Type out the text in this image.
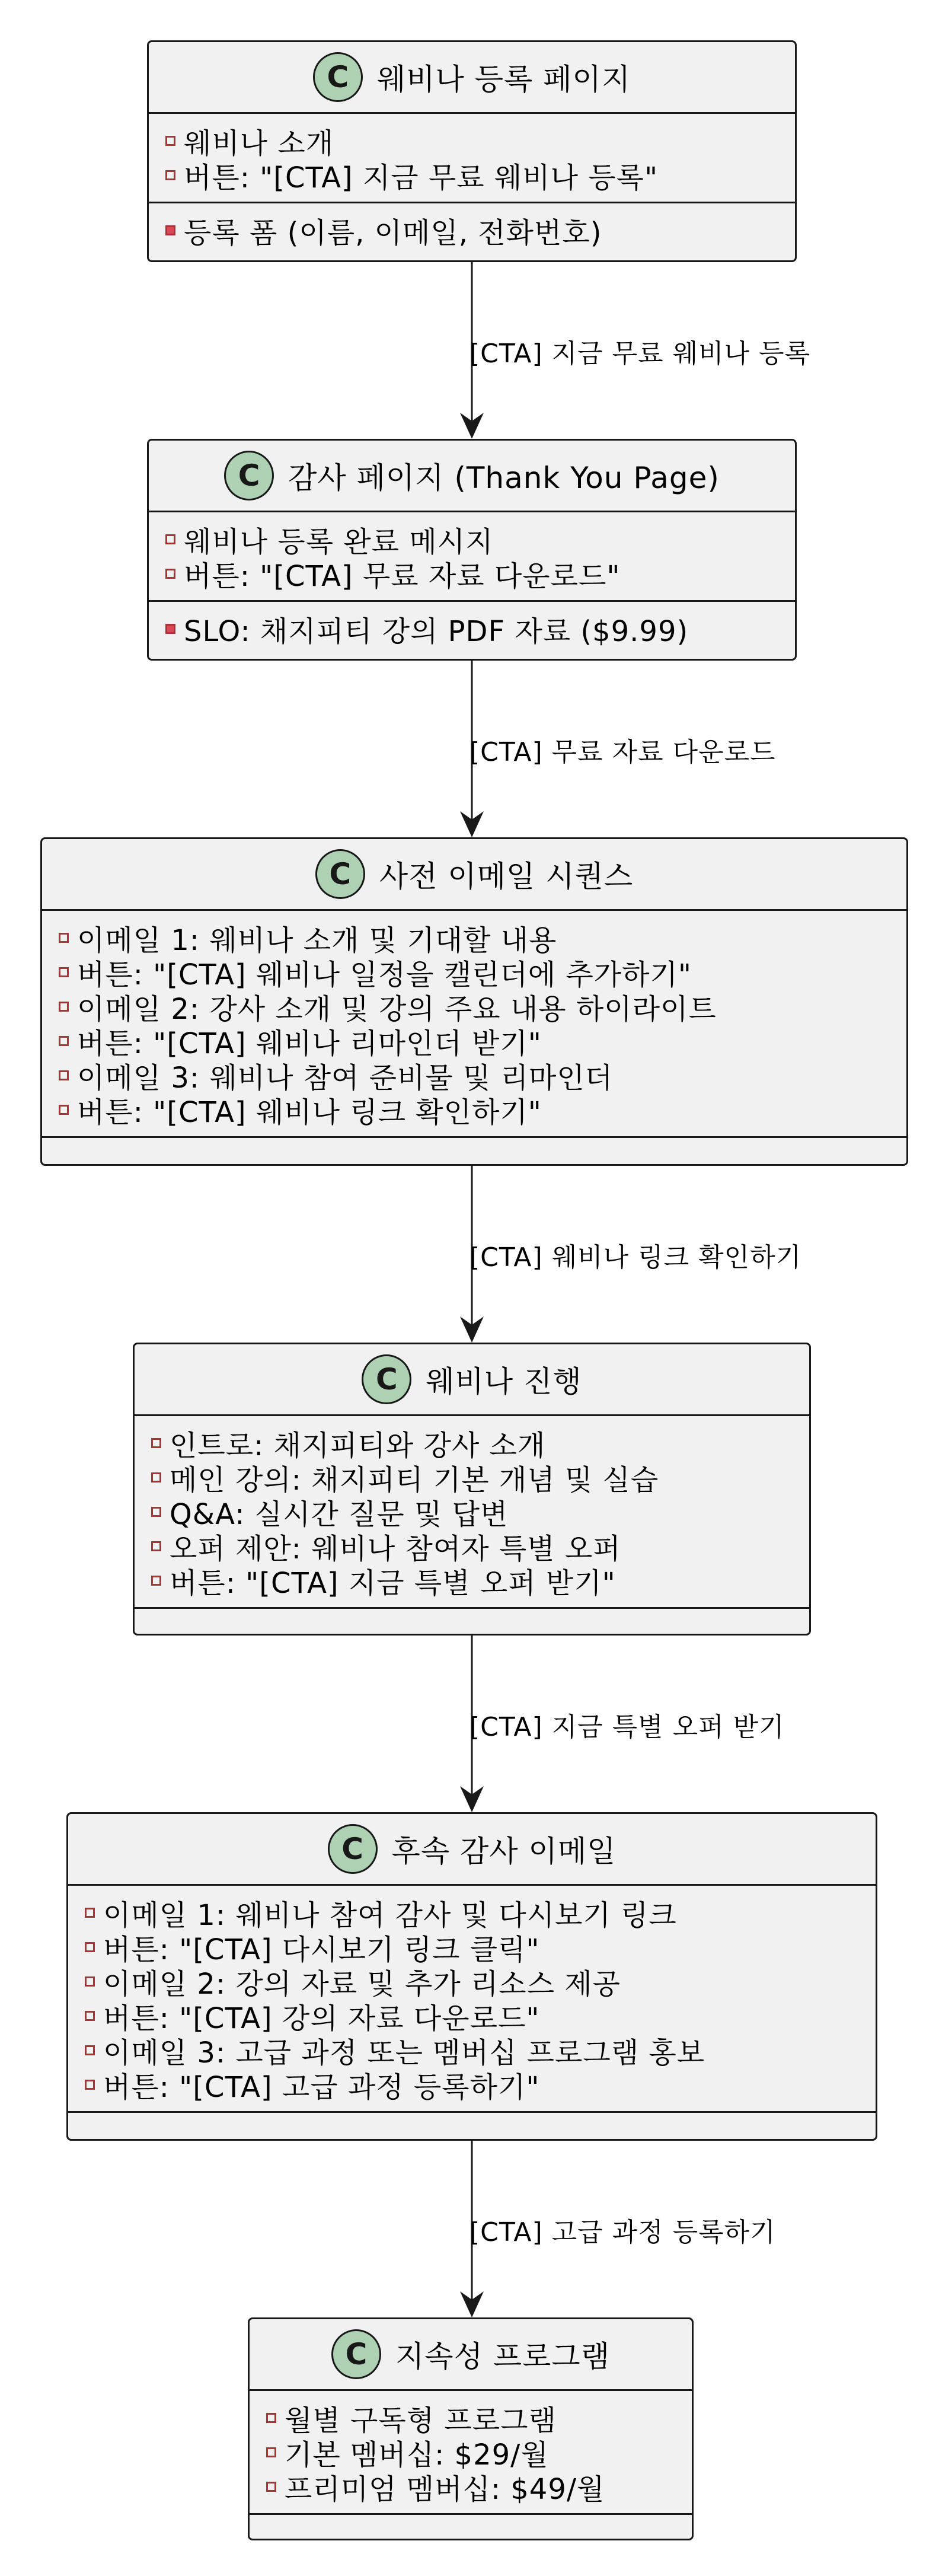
C 웨비나 등록 페이지
웨비나 소개
버튼: "[CTA] 지금 무료 웨비나 등록"
등록 폼 (이름, 이메일, 전화번호)
C 감사 페이지 (Thank You Page)
웨비나 등록 완료 메시지
버튼: "[CTA] 무료 자료 다운로드"
SLO: 채지피티 강의 PDF 자료 ($9.99)
C 사전 이메일 시퀀스
이메일 1: 웨비나 소개 및 기대할 내용
버튼: "[CTA] 웨비나 일정을 캘린더에 추가하기"
이메일 2: 강사 소개 및 강의 주요 내용 하이라이트
버튼: "[CTA] 웨비나 리마인더 받기"
이메일 3: 웨비나 참여 준비물 및 리마인더
버튼: "[CTA] 웨비나 링크 확인하기"
C 웨비나 진행
인트로: 채지피티와 강사 소개
메인 강의: 채지피티 기본 개념 및 실습
Q&A: 실시간 질문 및 답변
오퍼 제안: 웨비나 참여자 특별 오퍼
버튼: "[CTA] 지금 특별 오퍼 받기"
C 후속 감사 이메일
이메일 1: 웨비나 참여 감사 및 다시보기 링크
버튼: "[CTA] 다시보기 링크 클릭"
이메일 2: 강의 자료 및 추가 리소스 제공
버튼: "[CTA] 강의 자료 다운로드"
이메일 3: 고급 과정 또는 멤버십 프로그램 홍보
버튼: "[CTA] 고급 과정 등록하기"
C 지속성 프로그램
월별 구독형 프로그램
기본 멤버십: $29/월
프리미엄 멤버십: $49/월
[CTA] 지금 무료 웨비나 등록
[CTA] 무료 자료 다운로드
[CTA] 웨비나 링크 확인하기
[CTA] 지금 특별 오퍼 받기
[CTA] 고급 과정 등록하기
